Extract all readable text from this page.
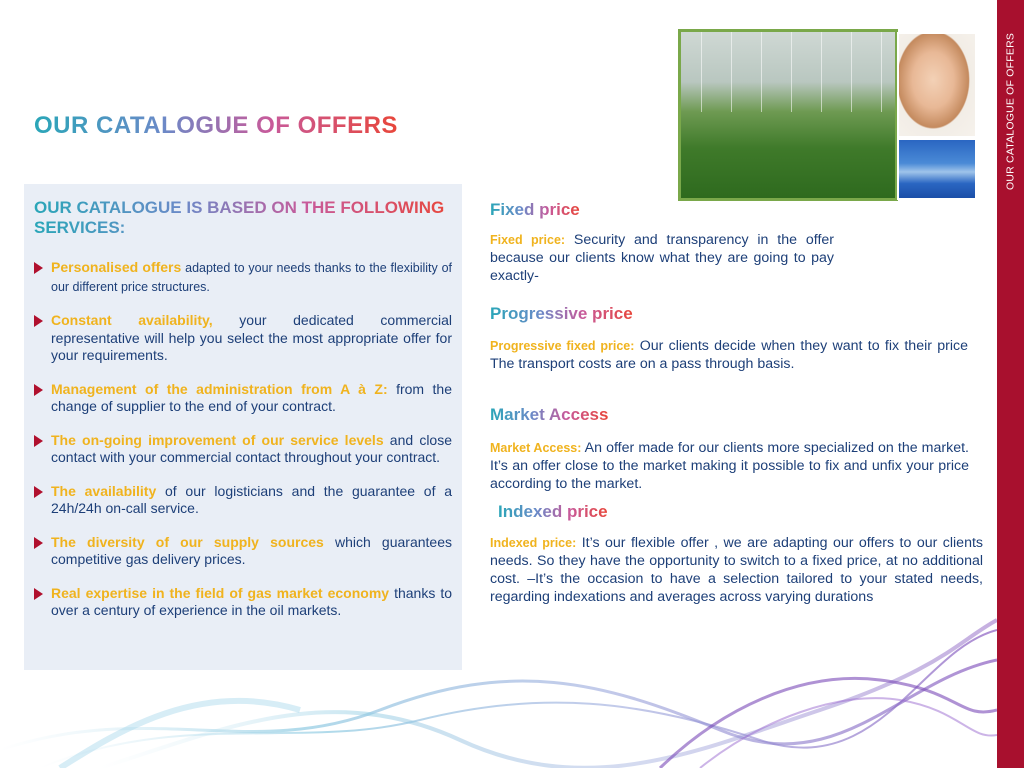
OUR CATALOGUE OF OFFERS
OUR CATALOGUE OF OFFERS
OUR CATALOGUE IS BASED ON THE FOLLOWING SERVICES:
Personalised offers adapted to your needs thanks to the flexibility of our different price structures.
Constant availability, your dedicated commercial representative will help you select the most appropriate offer for your requirements.
Management of the administration from A à Z: from the change of supplier to the end of your contract.
The on-going improvement of our service levels and close contact with your commercial contact throughout your contract.
The availability of our logisticians and the guarantee of a 24h/24h on-call service.
The diversity of our supply sources which guarantees competitive gas delivery prices.
Real expertise in the field of gas market economy thanks to over a century of experience in the oil markets.
Fixed price

Fixed price: Security and transparency in the offer because our clients know what they are going to pay exactly-

Progressive price

Progressive fixed price: Our clients decide when they want to fix their price The transport costs are on a pass through basis.

Market Access

Market Access: An offer made for our clients more specialized on the market. It’s an offer close to the market making it possible to fix and unfix your price according to the market.

Indexed price

Indexed price: It’s our flexible offer , we are adapting our offers to our clients needs. So they have the opportunity to switch to a fixed price, at no additional cost. –It’s the occasion to have a selection tailored to your stated needs, regarding indexations and averages across varying durations
